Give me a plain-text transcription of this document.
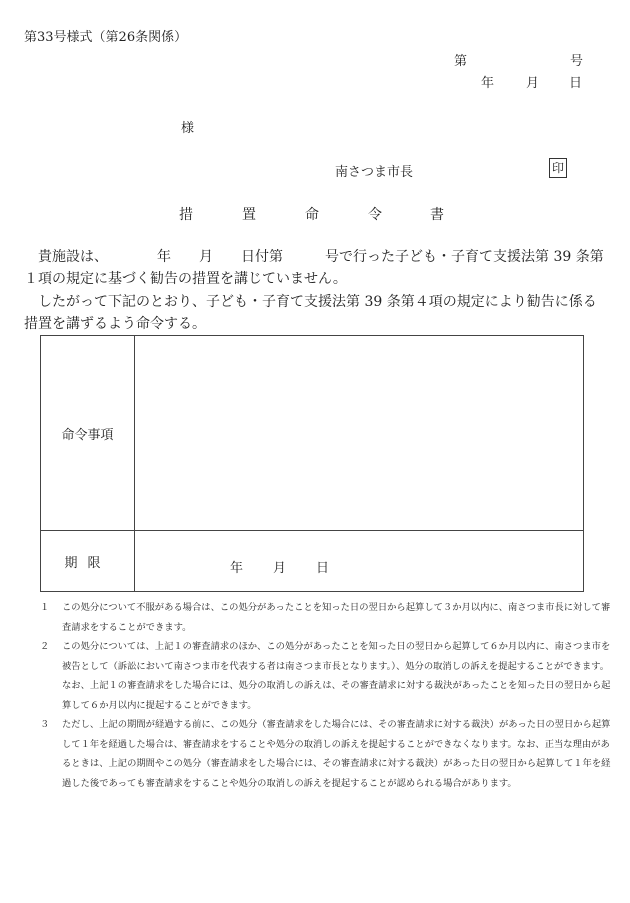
第33号様式（第26条関係）
第	号
年 月 日
様
南さつま市長	印
措	置	命	令	書
　貴施設は、　　　　年　　月　　日付第　　　号で行った子ども・子育て支援法第 39 条第１項の規定に基づく勧告の措置を講じていません。
　したがって下記のとおり、子ども・子育て支援法第 39 条第４項の規定により勧告に係る措置を講ずるよう命令する。
命令事項
期限	年 月 日
１ この処分について不服がある場合は、この処分があったことを知った日の翌日から起算して３か月以内に、南さつま市長に対して審査請求をすることができます。
２ この処分については、上記１の審査請求のほか、この処分があったことを知った日の翌日から起算して６か月以内に、南さつま市を被告として（訴訟において南さつま市を代表する者は南さつま市長となります。）、処分の取消しの訴えを提起することができます。なお、上記１の審査請求をした場合には、処分の取消しの訴えは、その審査請求に対する裁決があったことを知った日の翌日から起算して６か月以内に提起することができます。
３ ただし、上記の期間が経過する前に、この処分（審査請求をした場合には、その審査請求に対する裁決）があった日の翌日から起算して１年を経過した場合は、審査請求をすることや処分の取消しの訴えを提起することができなくなります。なお、正当な理由があるときは、上記の期間やこの処分（審査請求をした場合には、その審査請求に対する裁決）があった日の翌日から起算して１年を経過した後であっても審査請求をすることや処分の取消しの訴えを提起することが認められる場合があります。
